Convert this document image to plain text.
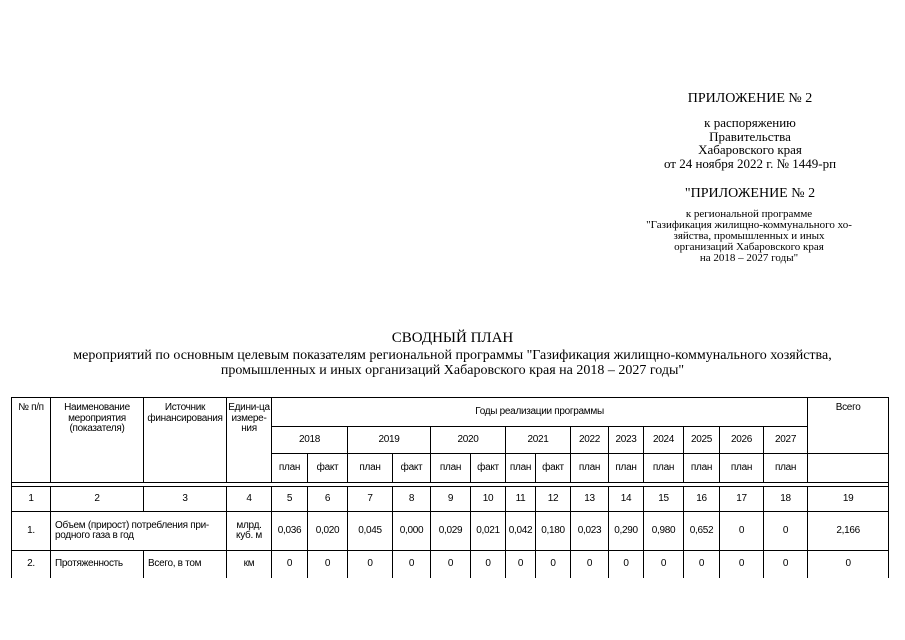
ПРИЛОЖЕНИЕ № 2
к распоряжению
Правительства
Хабаровского края
от 24 ноября 2022 г. № 1449-рп
"ПРИЛОЖЕНИЕ № 2
к региональной программе
"Газификация жилищно-коммунального хо-
зяйства, промышленных и иных
организаций Хабаровского края
на 2018 – 2027 годы"
СВОДНЫЙ ПЛАН
мероприятий по основным целевым показателям региональной программы "Газификация жилищно-коммунального хозяйства,
промышленных и иных организаций Хабаровского края на 2018 – 2027 годы"
№ п/п	Наименование мероприятия (показателя)	Источник финансирования	Едини-ца измере-ния	Годы реализации программы														Всего
				2018		2019		2020		2021		2022	2023	2024	2025	2026	2027	
				план	факт	план	факт	план	факт	план	факт	план	план	план	план	план	план	

1	2	3	4	5	6	7	8	9	10	11	12	13	14	15	16	17	18	19
1.	Объем (прирост) потребления при-родного газа в год		млрд. куб. м	0,036	0,020	0,045	0,000	0,029	0,021	0,042	0,180	0,023	0,290	0,980	0,652	0	0	2,166
2.	Протяженность	Всего, в том	км	0	0	0	0	0	0	0	0	0	0	0	0	0	0	0
